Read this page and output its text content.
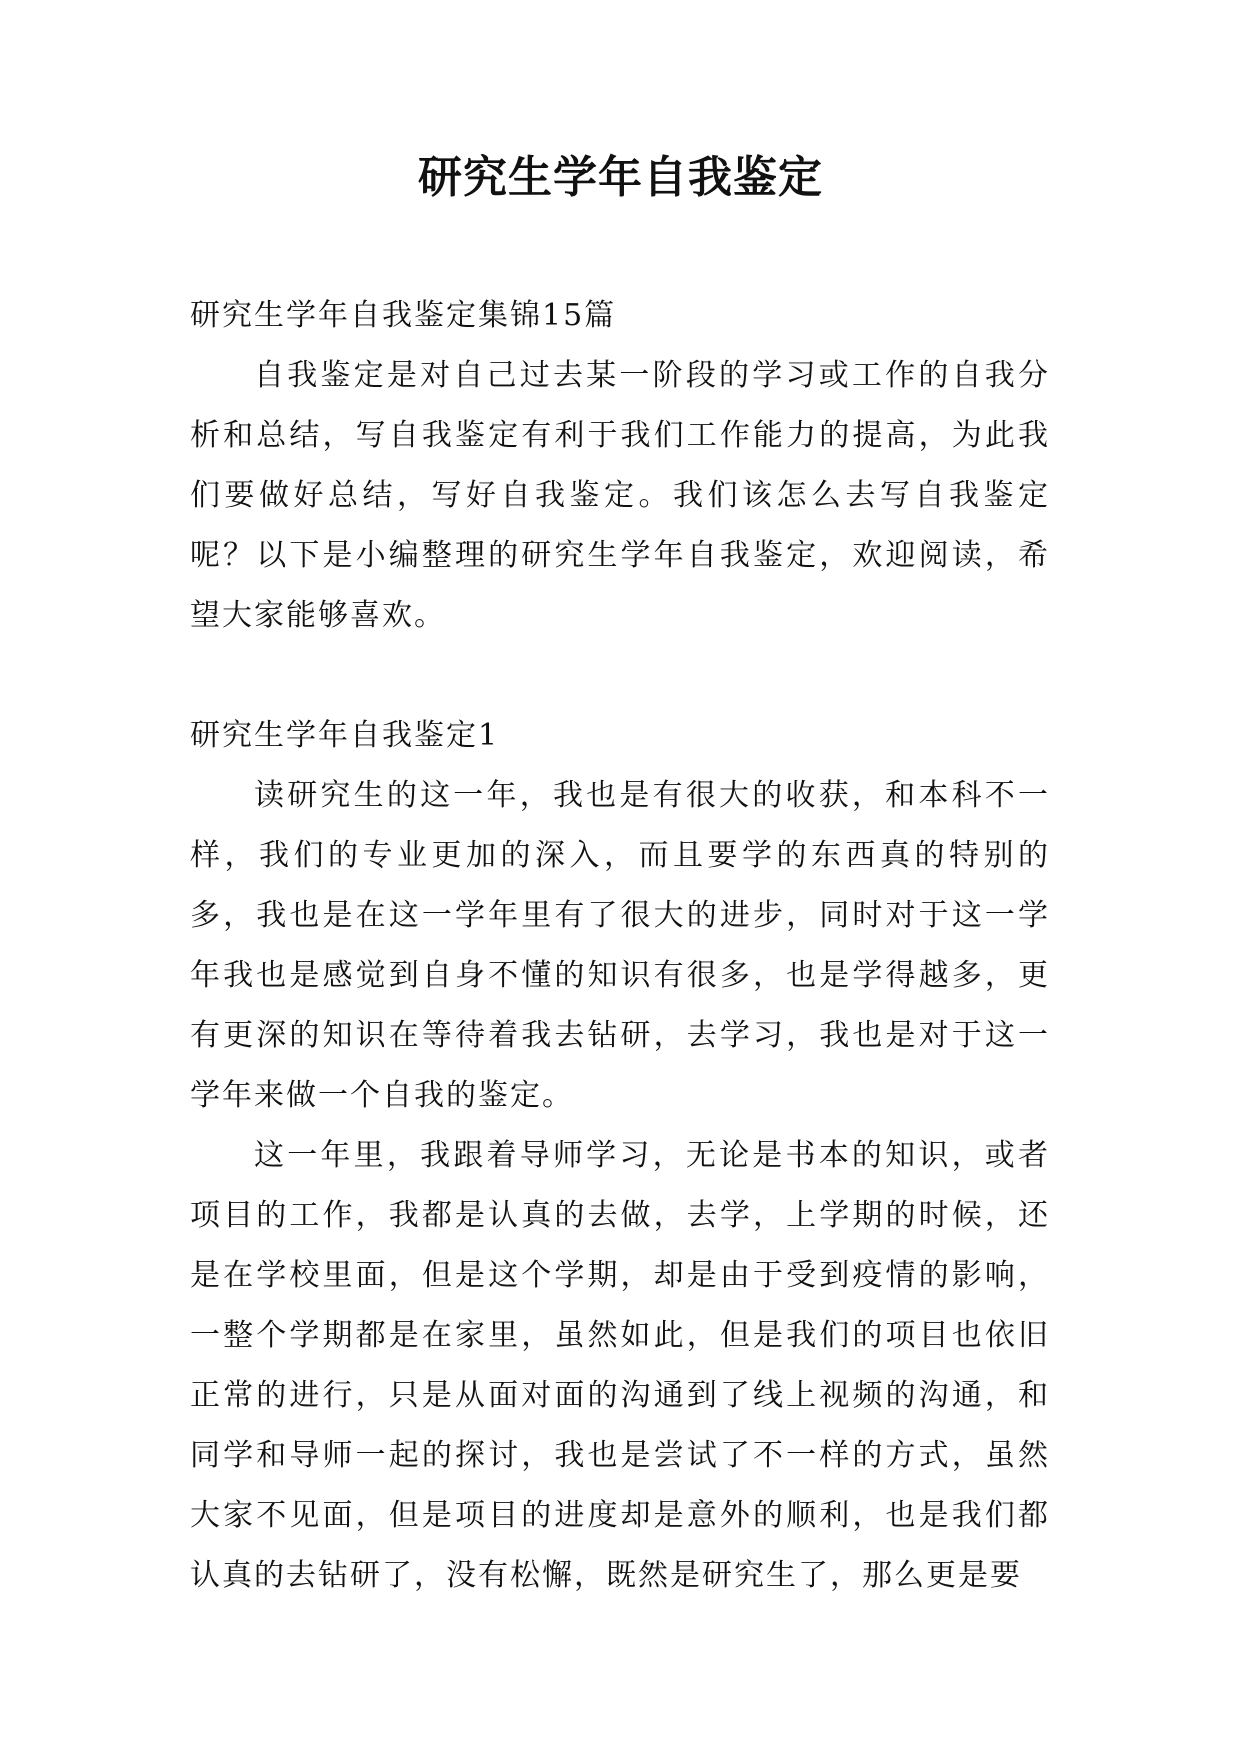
研究生学年自我鉴定

研究生学年自我鉴定集锦15篇

自我鉴定是对自己过去某一阶段的学习或工作的自我分析和总结，写自我鉴定有利于我们工作能力的提高，为此我们要做好总结，写好自我鉴定。我们该怎么去写自我鉴定呢？以下是小编整理的研究生学年自我鉴定，欢迎阅读，希望大家能够喜欢。

研究生学年自我鉴定1

读研究生的这一年，我也是有很大的收获，和本科不一样，我们的专业更加的深入，而且要学的东西真的特别的多，我也是在这一学年里有了很大的进步，同时对于这一学年我也是感觉到自身不懂的知识有很多，也是学得越多，更有更深的知识在等待着我去钻研，去学习，我也是对于这一学年来做一个自我的鉴定。

这一年里，我跟着导师学习，无论是书本的知识，或者项目的工作，我都是认真的去做，去学，上学期的时候，还是在学校里面，但是这个学期，却是由于受到疫情的影响，一整个学期都是在家里，虽然如此，但是我们的项目也依旧正常的进行，只是从面对面的沟通到了线上视频的沟通，和同学和导师一起的探讨，我也是尝试了不一样的方式，虽然大家不见面，但是项目的进度却是意外的顺利，也是我们都认真的去钻研了，没有松懈，既然是研究生了，那么更是要
